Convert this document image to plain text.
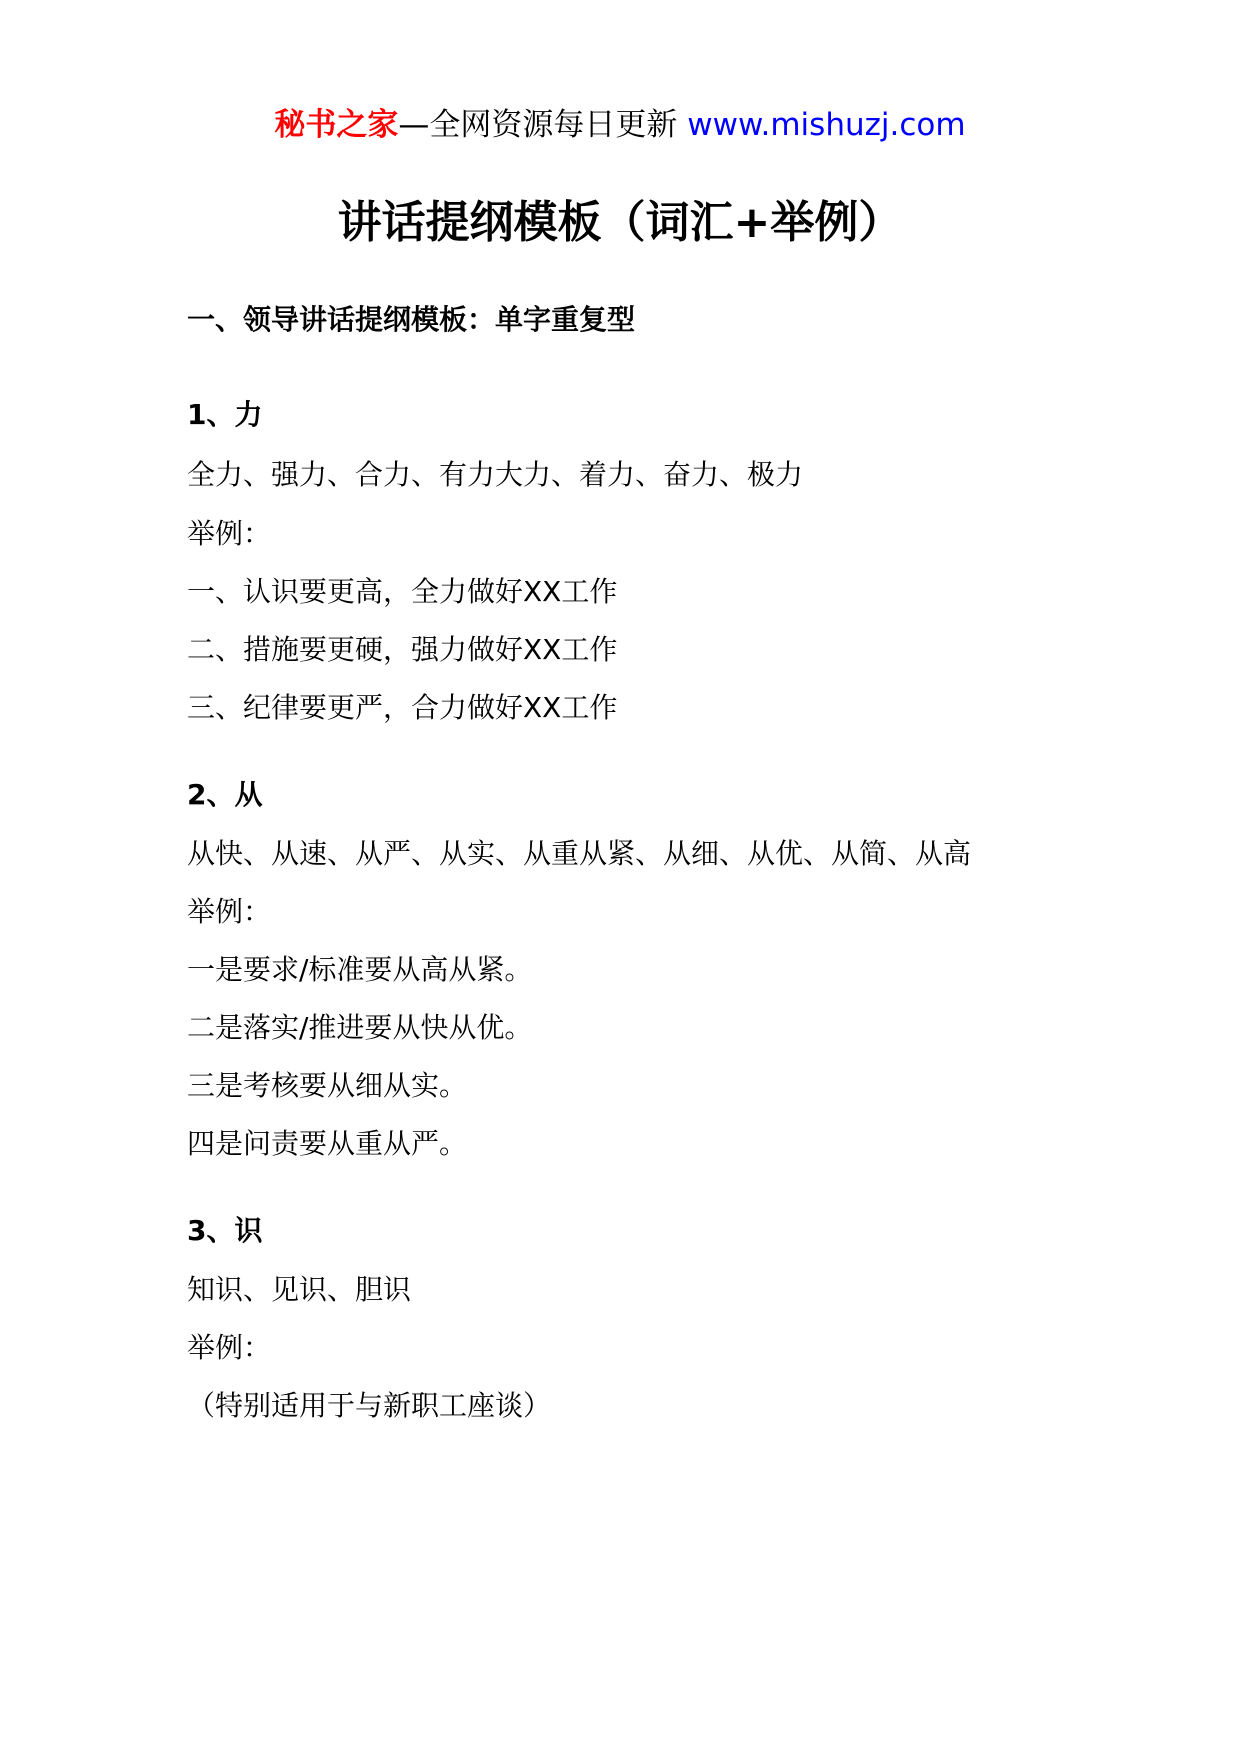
秘书之家—全网资源每日更新 www.mishuzj.com
讲话提纲模板（词汇+举例）
一、领导讲话提纲模板：单字重复型
1、力
全力、强力、合力、有力大力、着力、奋力、极力
举例：
一、认识要更高，全力做好XX工作
二、措施要更硬，强力做好XX工作
三、纪律要更严，合力做好XX工作
2、从
从快、从速、从严、从实、从重从紧、从细、从优、从简、从高
举例：
一是要求/标准要从高从紧。
二是落实/推进要从快从优。
三是考核要从细从实。
四是问责要从重从严。
3、识
知识、见识、胆识
举例：
（特别适用于与新职工座谈）
